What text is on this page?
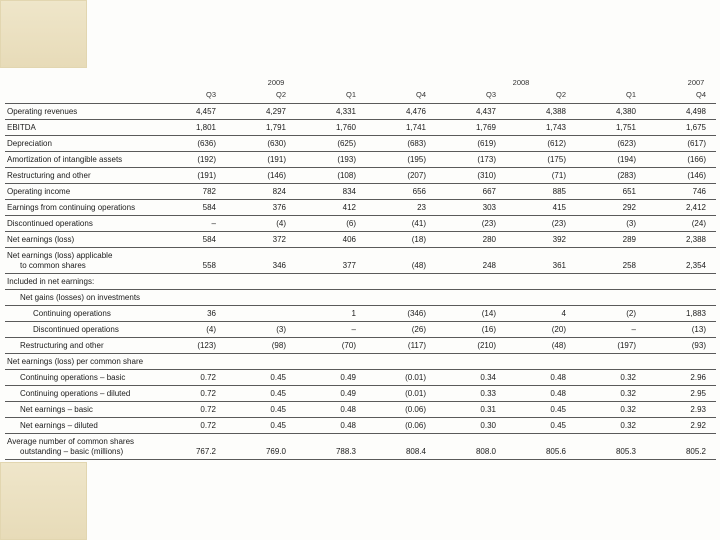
	2009			2008				2007
	Q3	Q2	Q1	Q4	Q3	Q2	Q1	Q4

Operating revenues	4,457	4,297	4,331	4,476	4,437	4,388	4,380	4,498

EBITDA	1,801	1,791	1,760	1,741	1,769	1,743	1,751	1,675

Depreciation	(636)	(630)	(625)	(683)	(619)	(612)	(623)	(617)

Amortization of intangible assets	(192)	(191)	(193)	(195)	(173)	(175)	(194)	(166)

Restructuring and other	(191)	(146)	(108)	(207)	(310)	(71)	(283)	(146)

Operating income	782	824	834	656	667	885	651	746

Earnings from continuing operations	584	376	412	23	303	415	292	2,412

Discontinued operations	–	(4)	(6)	(41)	(23)	(23)	(3)	(24)

Net earnings (loss)	584	372	406	(18)	280	392	289	2,388

Net earnings (loss) applicable
to common shares	558	346	377	(48)	248	361	258	2,354

Included in net earnings:								

Net gains (losses) on investments								

Continuing operations	36		1	(346)	(14)	4	(2)	1,883

Discontinued operations	(4)	(3)	–	(26)	(16)	(20)	–	(13)

Restructuring and other	(123)	(98)	(70)	(117)	(210)	(48)	(197)	(93)

Net earnings (loss) per common share								

Continuing operations – basic	0.72	0.45	0.49	(0.01)	0.34	0.48	0.32	2.96

Continuing operations – diluted	0.72	0.45	0.49	(0.01)	0.33	0.48	0.32	2.95

Net earnings – basic	0.72	0.45	0.48	(0.06)	0.31	0.45	0.32	2.93

Net earnings – diluted	0.72	0.45	0.48	(0.06)	0.30	0.45	0.32	2.92

Average number of common shares
outstanding – basic (millions)	767.2	769.0	788.3	808.4	808.0	805.6	805.3	805.2
